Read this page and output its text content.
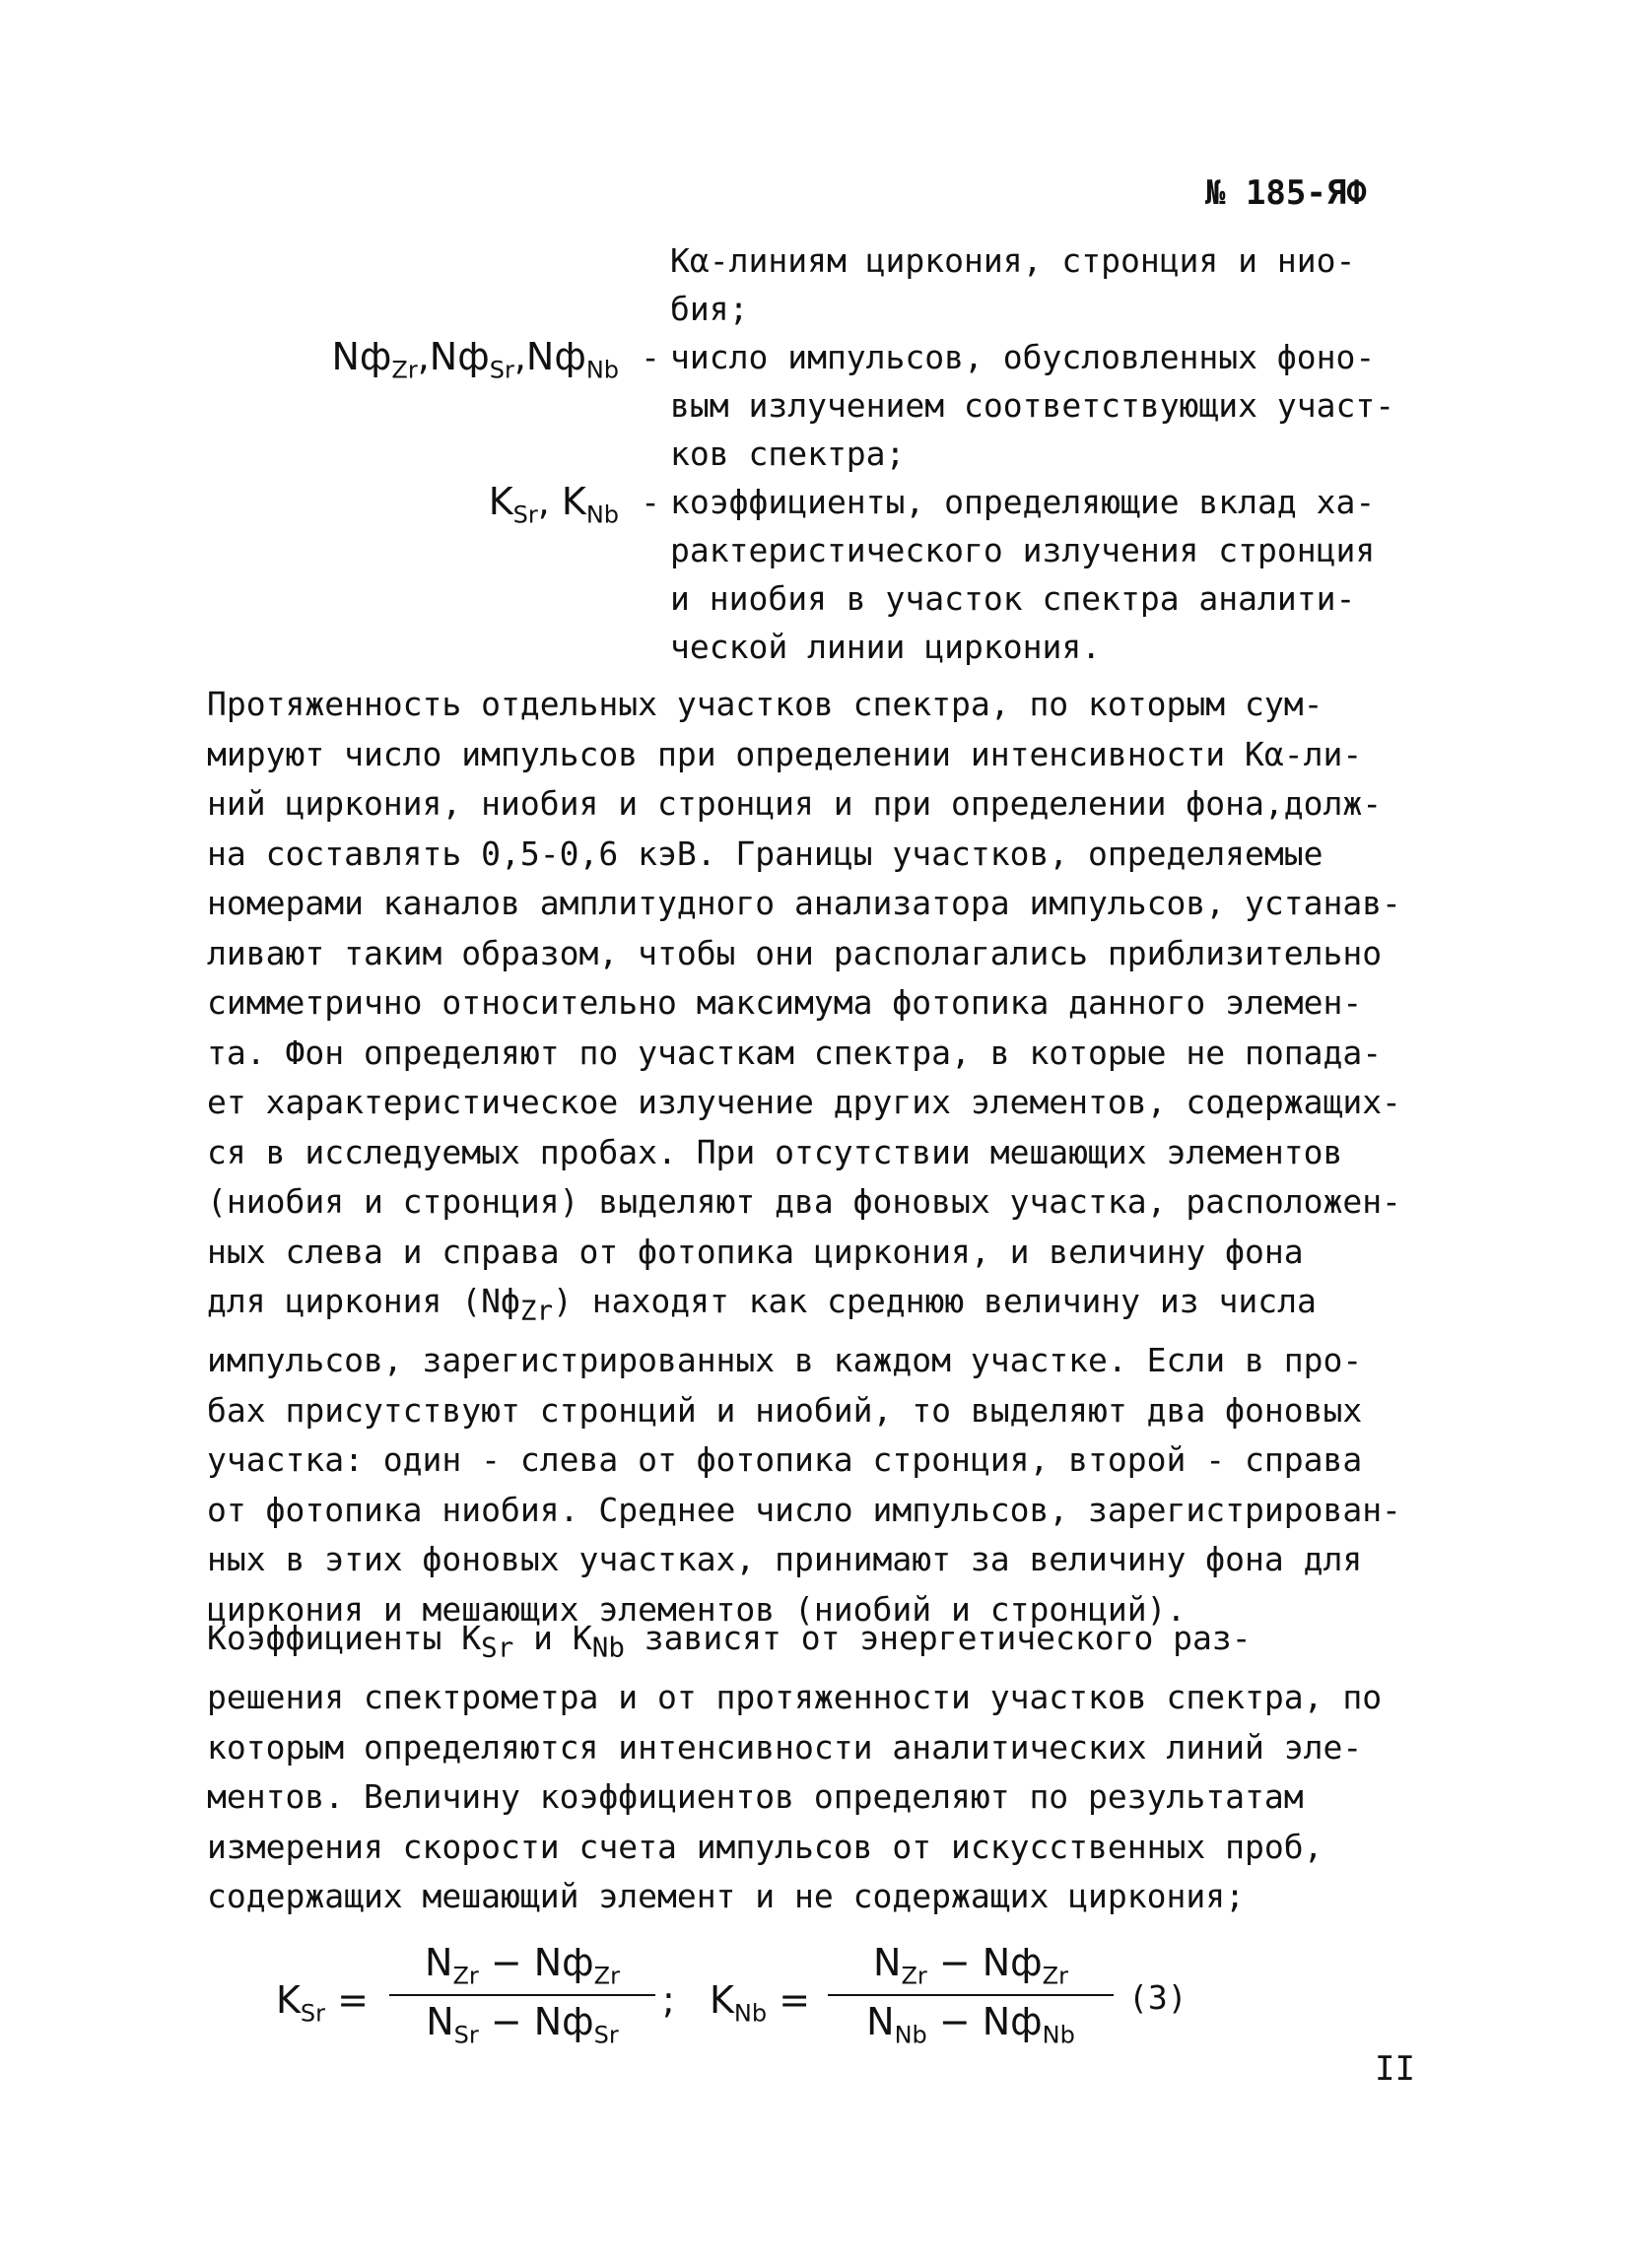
№ 185-ЯФ
Kα-линиям циркония, стронция и нио-
бия;
$Nф_{Zr},Nф_{Sr},Nф_{Nb}$ - число импульсов, обусловленных фоно-
вым излучением соответствующих участ-
ков спектра;
$K_{Sr}$, $K_{Nb}$ - коэффициенты, определяющие вклад ха-
рактеристического излучения стронция
и ниобия в участок спектра аналити-
ческой линии циркония.
Протяженность отдельных участков спектра, по которым сум-
мируют число импульсов при определении интенсивности Kα-ли-
ний циркония, ниобия и стронция и при определении фона,долж-
на составлять 0,5-0,6 кэВ. Границы участков, определяемые
номерами каналов амплитудного анализатора импульсов, устанав-
ливают таким образом, чтобы они располагались приблизительно
симметрично относительно максимума фотопика данного элемен-
та. Фон определяют по участкам спектра, в которые не попада-
ет характеристическое излучение других элементов, содержащих-
ся в исследуемых пробах. При отсутствии мешающих элементов
(ниобия и стронция) выделяют два фоновых участка, расположен-
ных слева и справа от фотопика циркония, и величину фона
для циркония $(Nф_{Zr})$ находят как среднюю величину из числа
импульсов, зарегистрированных в каждом участке. Если в про-
бах присутствуют стронций и ниобий, то выделяют два фоновых
участка: один - слева от фотопика стронция, второй - справа
от фотопика ниобия. Среднее число импульсов, зарегистрирован-
ных в этих фоновых участках, принимают за величину фона для
циркония и мешающих элементов (ниобий и стронций).
Коэффициенты $K_{Sr}$ и $K_{Nb}$ зависят от энергетического раз-
решения спектрометра и от протяженности участков спектра, по
которым определяются интенсивности аналитических линий эле-
ментов. Величину коэффициентов определяют по результатам
измерения скорости счета импульсов от искусственных проб,
содержащих мешающий элемент и не содержащих циркония;
$K_{Sr}$ =
$N_{Zr} - Nф_{Zr}$
$N_{Sr} - Nф_{Sr}$
; $K_{Nb}$ =
$N_{Zr} - Nф_{Zr}$
$N_{Nb} - Nф_{Nb}$
(3)
II
